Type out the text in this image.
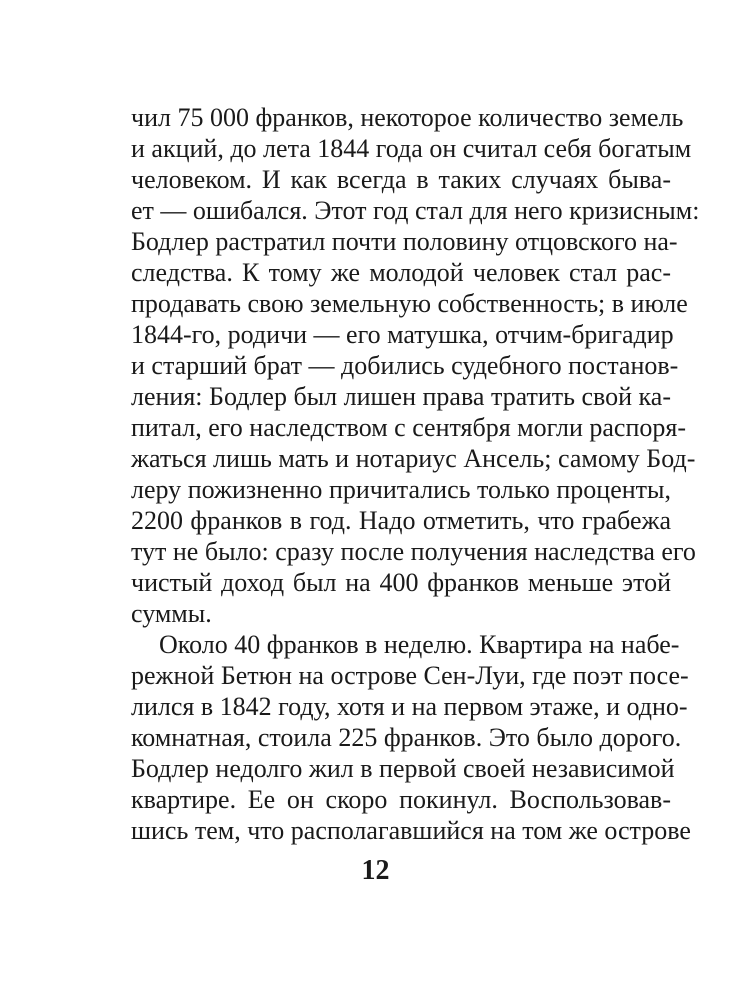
чил 75 000 франков, некоторое количество земель
и акций, до лета 1844 года он считал себя богатым
человеком. И как всегда в таких случаях быва-
ет — ошибался. Этот год стал для него кризисным:
Бодлер растратил почти половину отцовского на-
следства. К тому же молодой человек стал рас-
продавать свою земельную собственность; в июле
1844-го, родичи — его матушка, отчим-бригадир
и старший брат — добились судебного постанов-
ления: Бодлер был лишен права тратить свой ка-
питал, его наследством с сентября могли распоря-
жаться лишь мать и нотариус Ансель; самому Бод-
леру пожизненно причитались только проценты,
2200 франков в год. Надо отметить, что грабежа
тут не было: сразу после получения наследства его
чистый доход был на 400 франков меньше этой
суммы.
Около 40 франков в неделю. Квартира на набе-
режной Бетюн на острове Сен-Луи, где поэт посе-
лился в 1842 году, хотя и на первом этаже, и одно-
комнатная, стоила 225 франков. Это было дорого.
Бодлер недолго жил в первой своей независимой
квартире. Ее он скоро покинул. Воспользовав-
шись тем, что располагавшийся на том же острове
12
